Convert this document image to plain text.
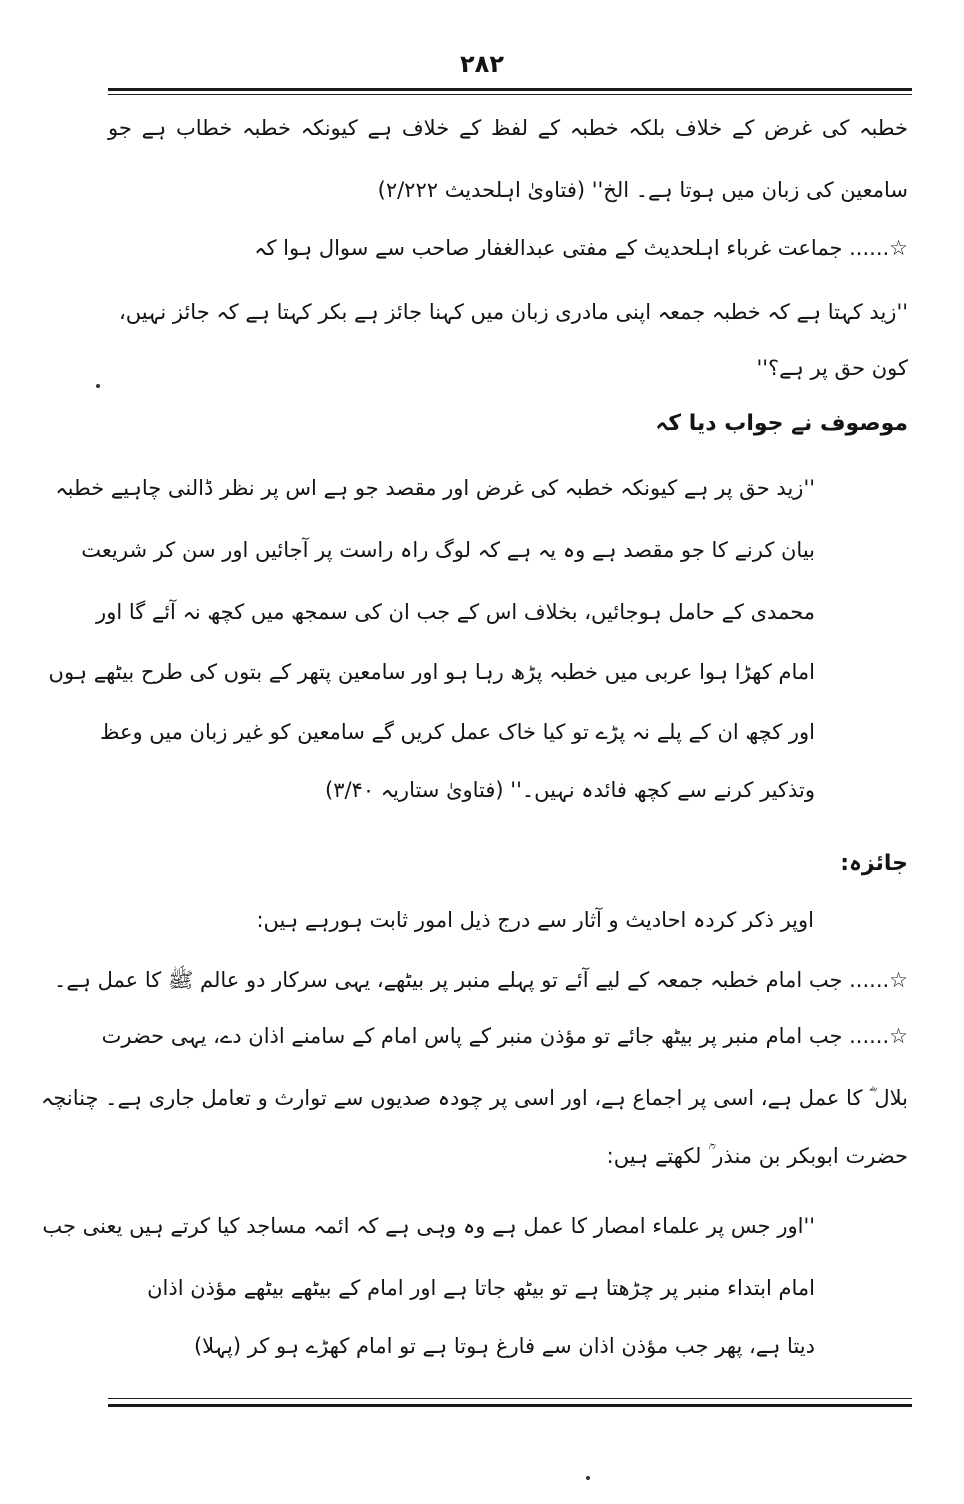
۲۸۲
خطبہ کی غرض کے خلاف بلکہ خطبہ کے لفظ کے خلاف ہے کیونکہ خطبہ خطاب ہے جو
سامعین کی زبان میں ہوتا ہے۔ الخ'' (فتاویٰ اہلحدیث ۲/۲۲۲)
☆...... جماعت غرباء اہلحدیث کے مفتی عبدالغفار صاحب سے سوال ہوا کہ
''زید کہتا ہے کہ خطبہ جمعہ اپنی مادری زبان میں کہنا جائز ہے بکر کہتا ہے کہ جائز نہیں،
کون حق پر ہے؟''
موصوف نے جواب دیا کہ
''زید حق پر ہے کیونکہ خطبہ کی غرض اور مقصد جو ہے اس پر نظر ڈالنی چاہیے خطبہ
بیان کرنے کا جو مقصد ہے وہ یہ ہے کہ لوگ راہ راست پر آجائیں اور سن کر شریعت
محمدی کے حامل ہوجائیں، بخلاف اس کے جب ان کی سمجھ میں کچھ نہ آئے گا اور
امام کھڑا ہوا عربی میں خطبہ پڑھ رہا ہو اور سامعین پتھر کے بتوں کی طرح بیٹھے ہوں
اور کچھ ان کے پلے نہ پڑے تو کیا خاک عمل کریں گے سامعین کو غیر زبان میں وعظ
وتذکیر کرنے سے کچھ فائدہ نہیں۔'' (فتاویٰ ستاریہ ۳/۴۰)
جائزہ:
اوپر ذکر کردہ احادیث و آثار سے درج ذیل امور ثابت ہورہے ہیں:
☆...... جب امام خطبہ جمعہ کے لیے آئے تو پہلے منبر پر بیٹھے، یہی سرکار دو عالم ﷺ کا عمل ہے۔
☆...... جب امام منبر پر بیٹھ جائے تو مؤذن منبر کے پاس امام کے سامنے اذان دے، یہی حضرت
بلال ؓ کا عمل ہے، اسی پر اجماع ہے، اور اسی پر چودہ صدیوں سے توارث و تعامل جاری ہے۔ چنانچہ
حضرت ابوبکر بن منذر ؒ لکھتے ہیں:
''اور جس پر علماء امصار کا عمل ہے وہ وہی ہے کہ ائمہ مساجد کیا کرتے ہیں یعنی جب
امام ابتداء منبر پر چڑھتا ہے تو بیٹھ جاتا ہے اور امام کے بیٹھے بیٹھے مؤذن اذان
دیتا ہے، پھر جب مؤذن اذان سے فارغ ہوتا ہے تو امام کھڑے ہو کر (پہلا)
